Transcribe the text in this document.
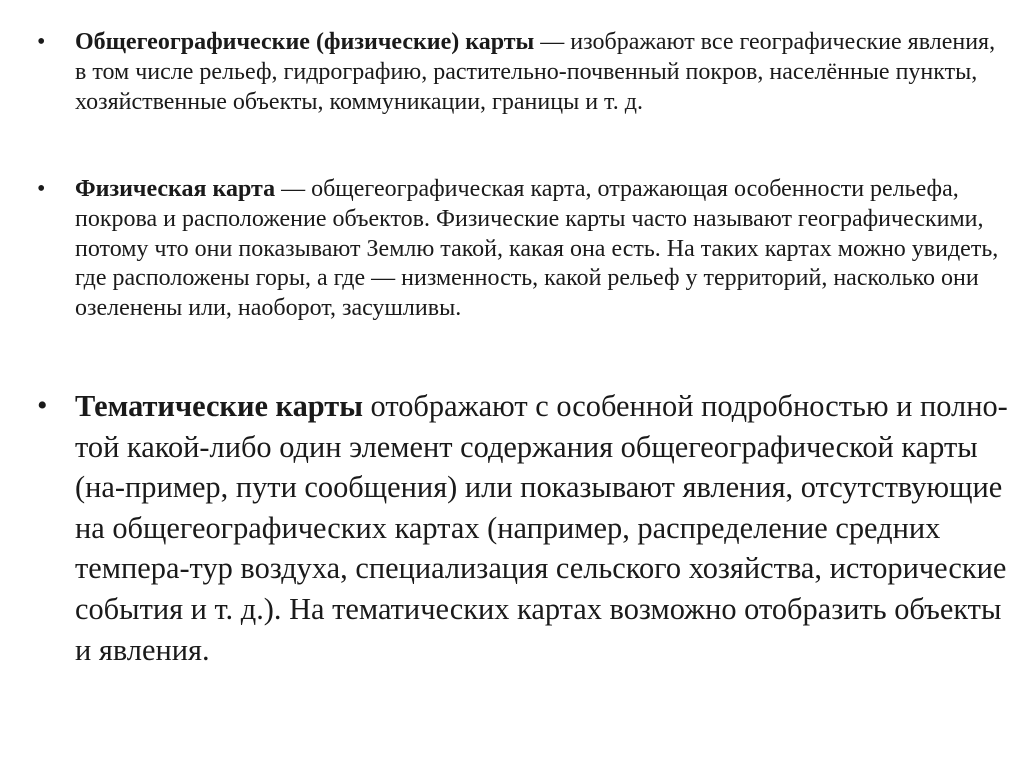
• Общегеографические (физические) карты — изображают все географические явления, в том числе рельеф, гидрографию, растительно-почвенный покров, населённые пункты, хозяйственные объекты, коммуникации, границы и т. д.
• Физическая карта — общегеографическая карта, отражающая особенности рельефа, покрова и расположение объектов. Физические карты часто называют географическими, потому что они показывают Землю такой, какая она есть. На таких картах можно увидеть, где расположены горы, а где — низменность, какой рельеф у территорий, насколько они озеленены или, наоборот, засушливы.
• Тематические карты отображают с особенной подробностью и полно-той какой-либо один элемент содержания общегеографической карты (на-пример, пути сообщения) или показывают явления, отсутствующие на общегеографических картах (например, распределение средних темпера-тур воздуха, специализация сельского хозяйства, исторические события и т. д.). На тематических картах возможно отобразить объекты и явления.
